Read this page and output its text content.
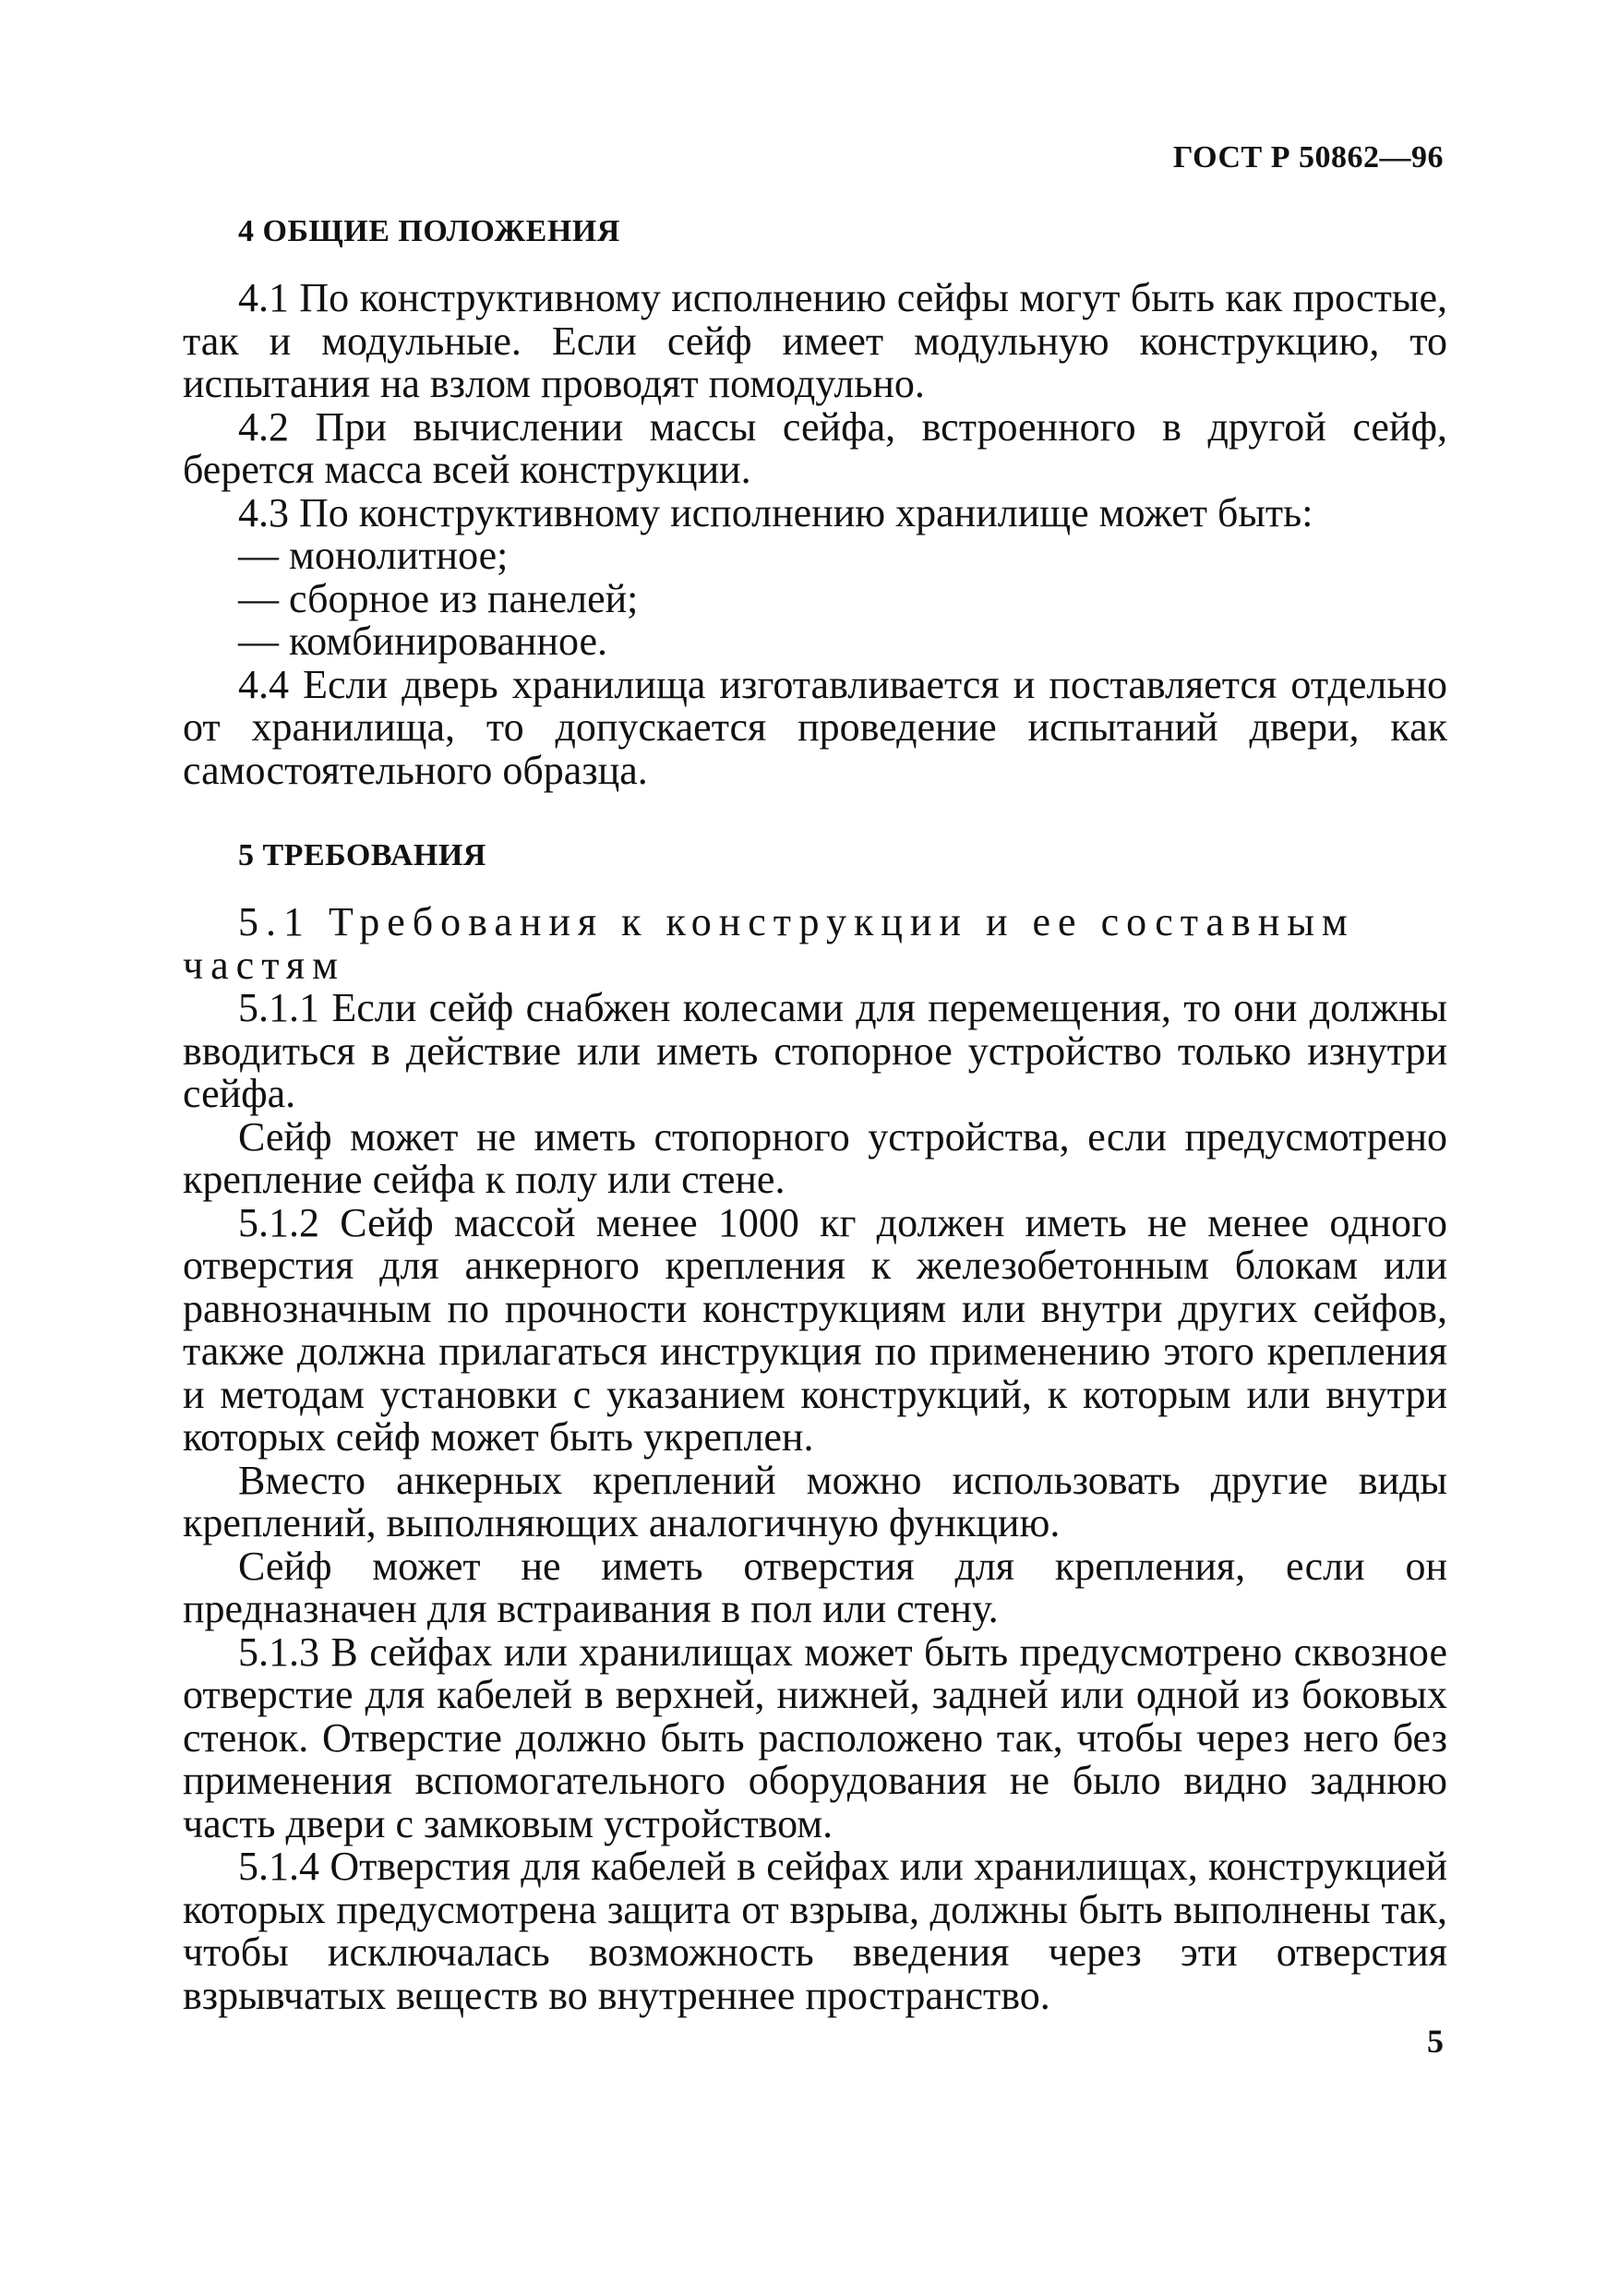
ГОСТ Р 50862—96
4 ОБЩИЕ ПОЛОЖЕНИЯ

4.1 По конструктивному исполнению сейфы могут быть как простые, так и модульные. Если сейф имеет модульную конструкцию, то испытания на взлом проводят помодульно.

4.2 При вычислении массы сейфа, встроенного в другой сейф, берется масса всей конструкции.

4.3 По конструктивному исполнению хранилище может быть:

— монолитное;

— сборное из панелей;

— комбинированное.

4.4 Если дверь хранилища изготавливается и поставляется отдельно от хранилища, то допускается проведение испытаний двери, как самостоятельного образца.

5 ТРЕБОВАНИЯ

5.1 Требования к конструкции и ее составным частям

5.1.1 Если сейф снабжен колесами для перемещения, то они должны вводиться в действие или иметь стопорное устройство только изнутри сейфа.

Сейф может не иметь стопорного устройства, если предусмотрено крепление сейфа к полу или стене.

5.1.2 Сейф массой менее 1000 кг должен иметь не менее одного отверстия для анкерного крепления к железобетонным блокам или равнозначным по прочности конструкциям или внутри других сейфов, также должна прилагаться инструкция по применению этого крепления и методам установки с указанием конструкций, к которым или внутри которых сейф может быть укреплен.

Вместо анкерных креплений можно использовать другие виды креплений, выполняющих аналогичную функцию.

Сейф может не иметь отверстия для крепления, если он предназначен для встраивания в пол или стену.

5.1.3 В сейфах или хранилищах может быть предусмотрено сквозное отверстие для кабелей в верхней, нижней, задней или одной из боковых стенок. Отверстие должно быть расположено так, чтобы через него без применения вспомогательного оборудования не было видно заднюю часть двери с замковым устройством.

5.1.4 Отверстия для кабелей в сейфах или хранилищах, конструкцией которых предусмотрена защита от взрыва, должны быть выполнены так, чтобы исключалась возможность введения через эти отверстия взрывчатых веществ во внутреннее пространство.

5
